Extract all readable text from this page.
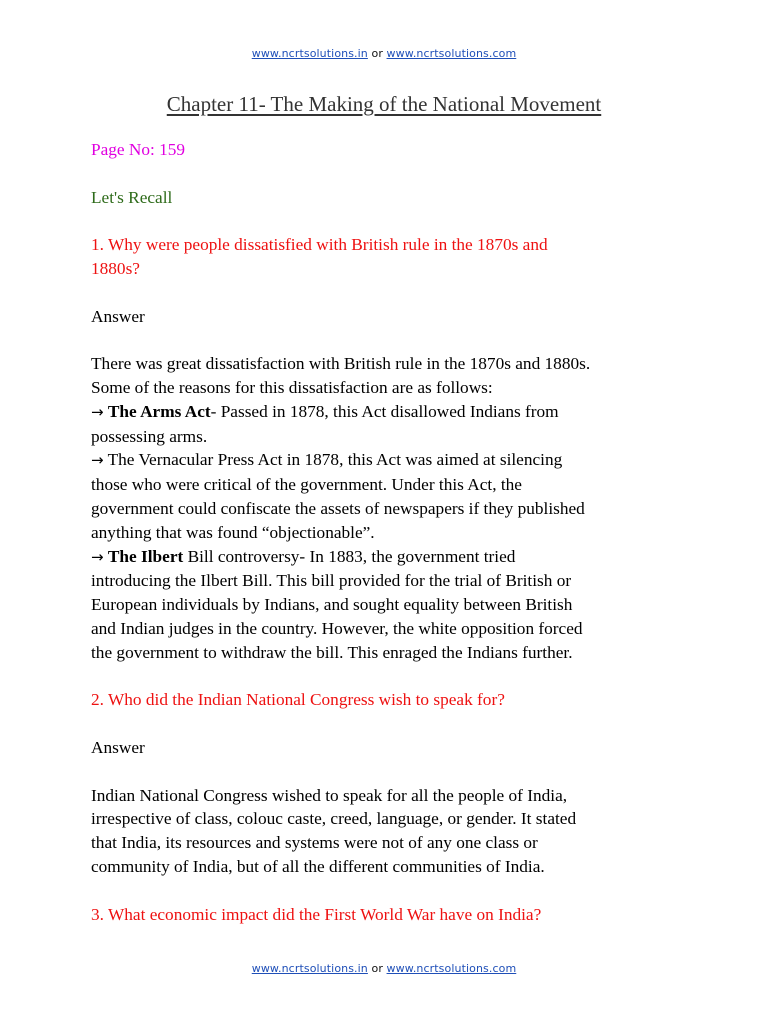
www.ncrtsolutions.in or www.ncrtsolutions.com
Chapter 11- The Making of the National Movement

Page No: 159

Let's Recall

1. Why were people dissatisfied with British rule in the 1870s and

1880s?

Answer

There was great dissatisfaction with British rule in the 1870s and 1880s.

Some of the reasons for this dissatisfaction are as follows:

→ The Arms Act- Passed in 1878, this Act disallowed Indians from

possessing arms.

→ The Vernacular Press Act in 1878, this Act was aimed at silencing

those who were critical of the government. Under this Act, the

government could confiscate the assets of newspapers if they published

anything that was found “objectionable”.

→ The Ilbert Bill controversy- In 1883, the government tried

introducing the Ilbert Bill. This bill provided for the trial of British or

European individuals by Indians, and sought equality between British

and Indian judges in the country. However, the white opposition forced

the government to withdraw the bill. This enraged the Indians further.

2. Who did the Indian National Congress wish to speak for?

Answer

Indian National Congress wished to speak for all the people of India,

irrespective of class, colouc caste, creed, language, or gender. It stated

that India, its resources and systems were not of any one class or

community of India, but of all the different communities of India.

3. What economic impact did the First World War have on India?

www.ncrtsolutions.in or www.ncrtsolutions.com
